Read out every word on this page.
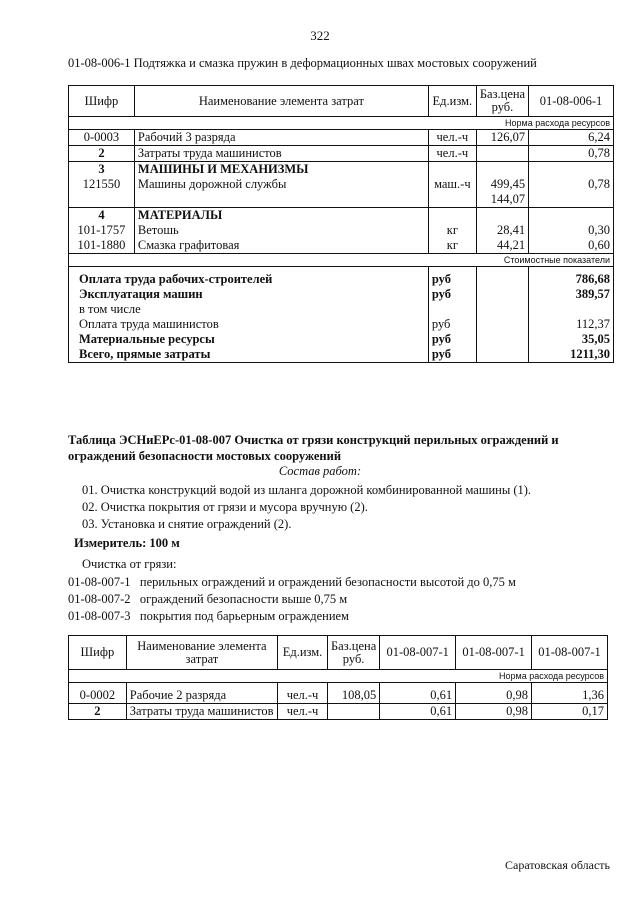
322
01-08-006-1 Подтяжка и смазка пружин в деформационных швах мостовых сооружений
Шифр	Наименование элемента затрат	Ед.изм.	Баз.цена руб.	01-08-006-1
Норма расхода ресурсов				
0-0003	Рабочий 3 разряда	чел.-ч	126,07	6,24
2	Затраты труда машинистов	чел.-ч		0,78
3	МАШИНЫ И МЕХАНИЗМЫ			
121550	Машины дорожной службы	маш.-ч	499,45	0,78
			144,07	
4	МАТЕРИАЛЫ			
101-1757	Ветошь	кг	28,41	0,30
101-1880	Смазка графитовая	кг	44,21	0,60
Стоимостные показатели				

Оплата труда рабочих-строителей		руб		786,68
Эксплуатация машин		руб		389,57
в том числе				
Оплата труда машинистов		руб		112,37
Материальные ресурсы		руб		35,05
Всего, прямые затраты		руб		1211,30
Таблица ЭСНиЕРс-01-08-007 Очистка от грязи конструкций перильных ограждений и ограждений безопасности мостовых сооружений
Состав работ:
01. Очистка конструкций водой из шланга дорожной комбинированной машины (1).
02. Очистка покрытия от грязи и мусора вручную (2).
03. Установка и снятие ограждений (2).
Измеритель: 100 м
Очистка от грязи:
01-08-007-1 перильных ограждений и ограждений безопасности высотой до 0,75 м
01-08-007-2 ограждений безопасности выше 0,75 м
01-08-007-3 покрытия под барьерным ограждением
Шифр	Наименование элемента затрат	Ед.изм.	Баз.цена руб.	01-08-007-1	01-08-007-1	01-08-007-1
Норма расхода ресурсов						

0-0002	Рабочие 2 разряда	чел.-ч	108,05	0,61	0,98	1,36
2	Затраты труда машинистов	чел.-ч		0,61	0,98	0,17
Саратовская область
